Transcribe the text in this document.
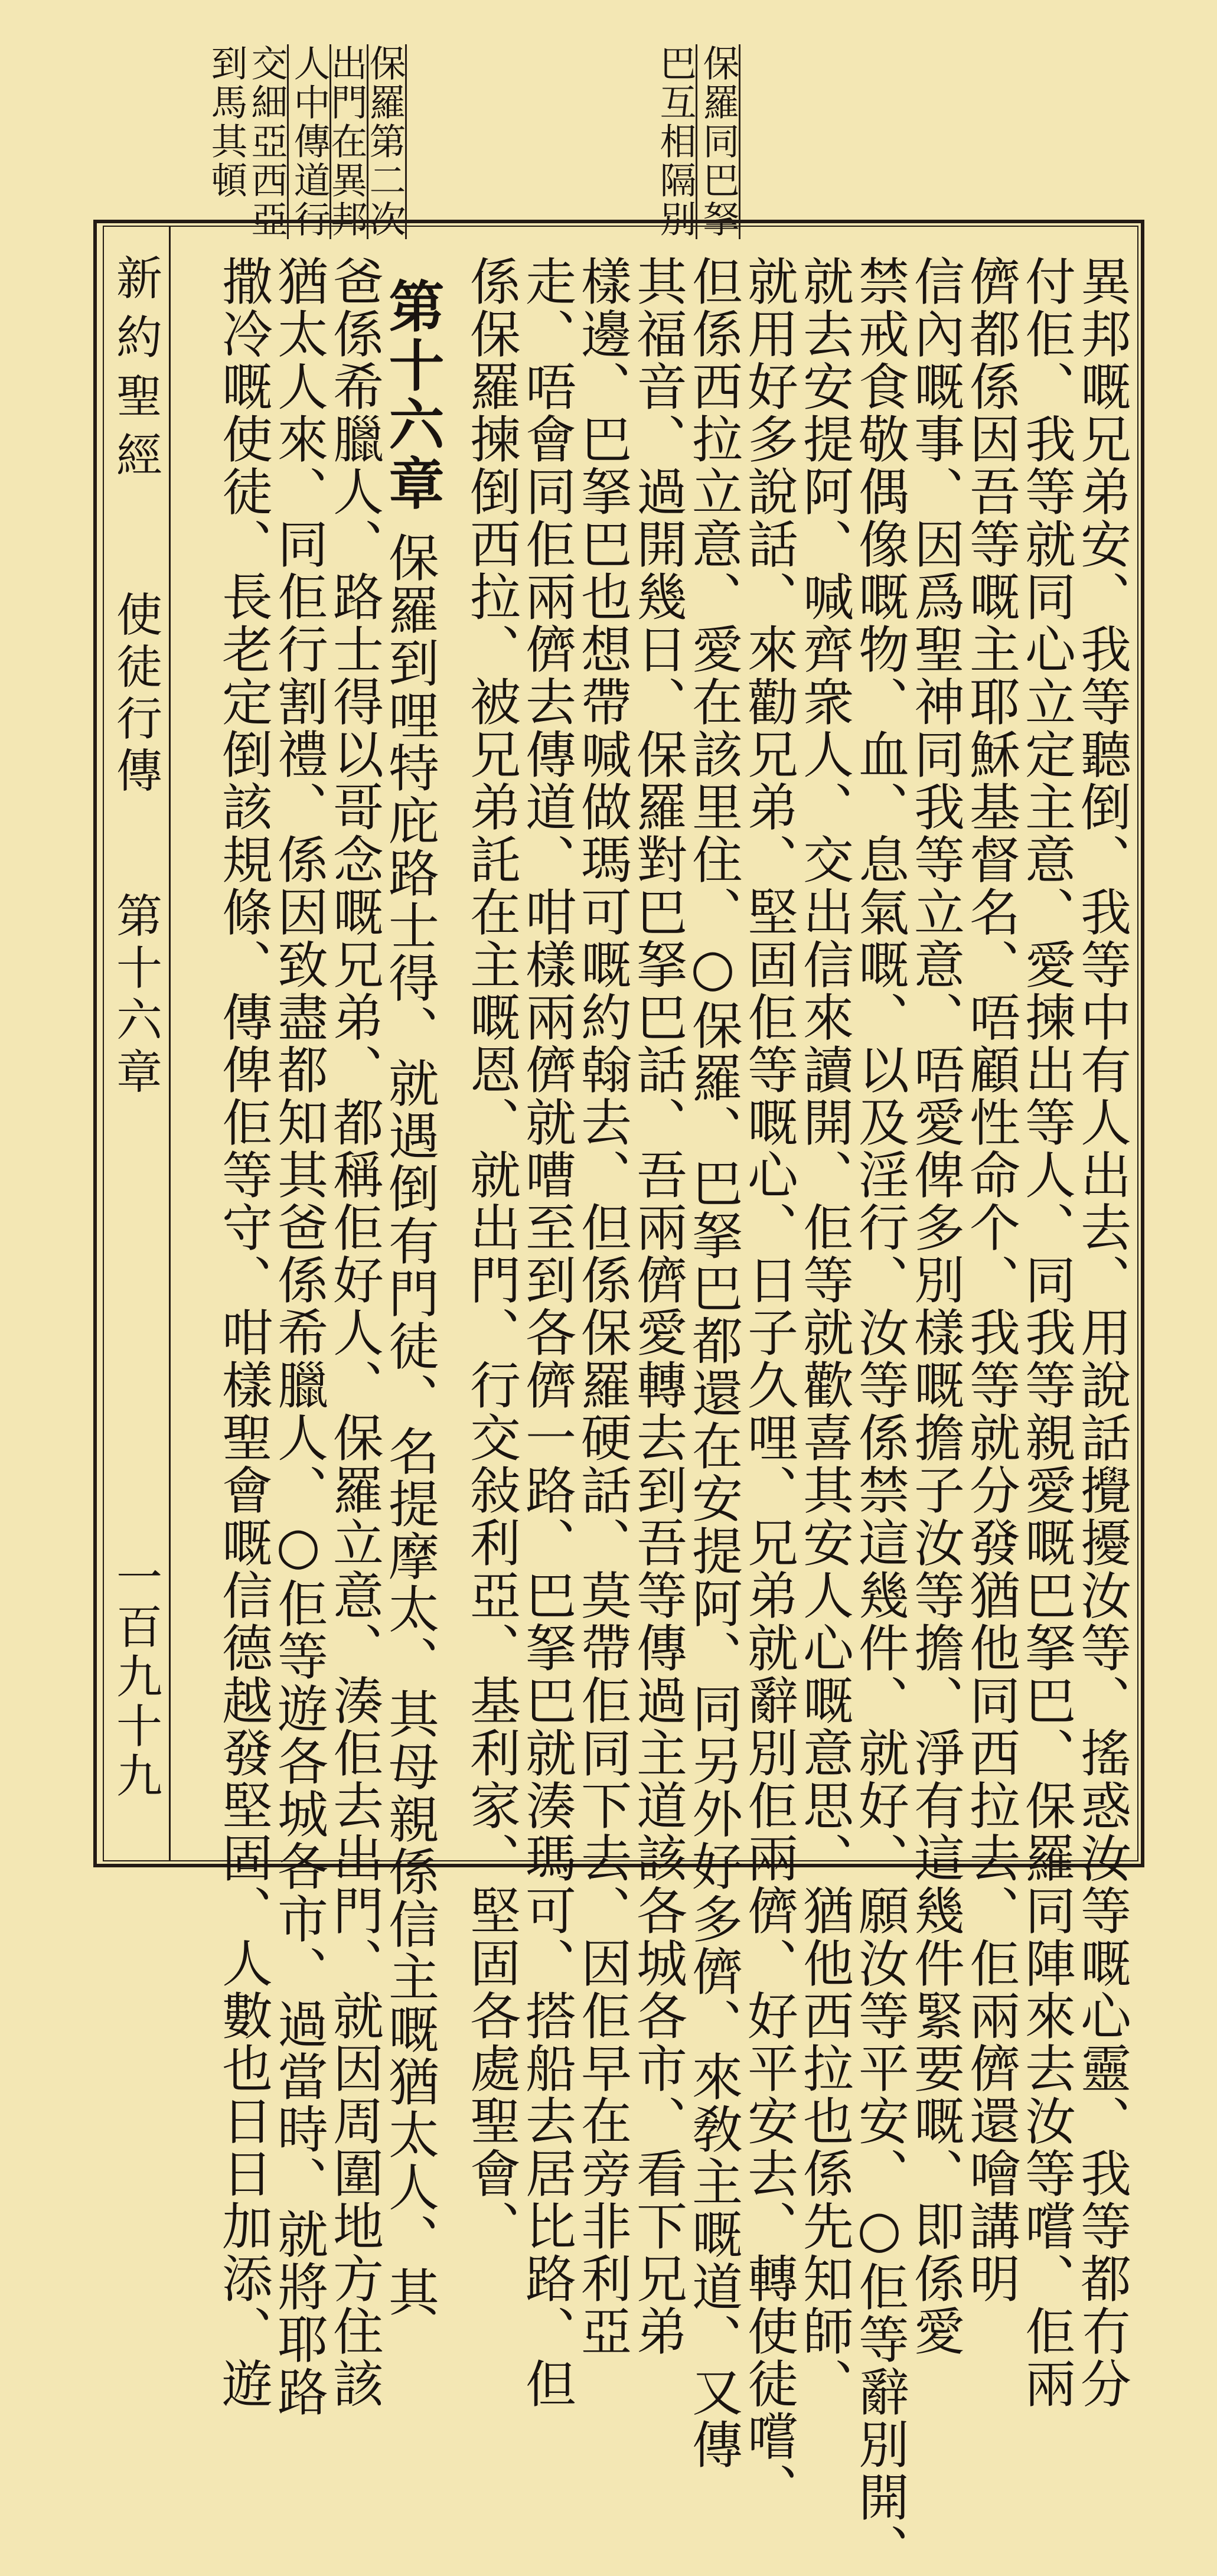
保羅同巴拏
巴互相隔別
保羅第二次
出門在異邦
人中傳道行
交細亞西亞
到馬其頓
新約聖經
使徒行傳
第十六章
一百九十九	異邦嘅兄弟安、我等聽倒、我等中有人出去、用說話攪擾汝等、搖惑汝等嘅心靈、我等都冇分
付佢、我等就同心立定主意、愛揀出等人、同我等親愛嘅巴拏巴、保羅同陣來去汝等嚐、佢兩
儕都係因吾等嘅主耶穌基督名、唔顧性命个、我等就分發猶他同西拉去、佢兩儕還噲講明
信內嘅事、因爲聖神同我等立意、唔愛俾多別樣嘅擔子汝等擔、淨有這幾件緊要嘅、即係愛
禁戒食敬偶像嘅物、血、息氣嘅、以及淫行、汝等係禁這幾件、就好、願汝等平安、○佢等辭別開、
就去安提阿、喊齊衆人、交出信來讀開、佢等就歡喜其安人心嘅意思、猶他西拉也係先知師、
就用好多說話、來勸兄弟、堅固佢等嘅心、日子久哩、兄弟就辭別佢兩儕、好平安去、轉使徒嚐、
但係西拉立意、愛在該里住、○保羅、巴拏巴都還在安提阿、同另外好多儕、來敎主嘅道、又傳
其福音、過開幾日、保羅對巴拏巴話、吾兩儕愛轉去到吾等傳過主道該各城各市、看下兄弟
樣邊、巴拏巴也想帶喊做瑪可嘅約翰去、但係保羅硬話、莫帶佢同下去、因佢早在旁非利亞
走、唔會同佢兩儕去傳道、咁樣兩儕就嘈至到各儕一路、巴拏巴就湊瑪可、搭船去居比路、但
係保羅揀倒西拉、被兄弟託在主嘅恩、就出門、行交敍利亞、基利家、堅固各處聖會、
第十六章
保羅到哩特庇路士得、就遇倒有門徒、名提摩太、其母親係信主嘅猶太人、其
爸係希臘人、路士得以哥念嘅兄弟、都稱佢好人、保羅立意、湊佢去出門、就因周圍地方住該
猶太人來、同佢行割禮、係因致盡都知其爸係希臘人、○佢等遊各城各市、過當時、就將耶路
撒冷嘅使徒、長老定倒該規條、傳俾佢等守、咁樣聖會嘅信德越發堅固、人數也日日加添、遊
